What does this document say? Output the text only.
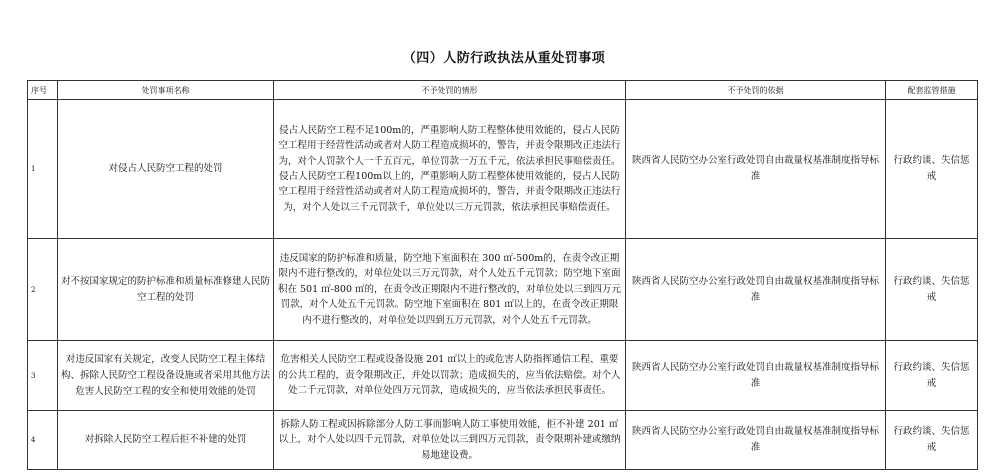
（四）人防行政执法从重处罚事项
序号	处罚事项名称	不予处罚的情形	不予处罚的依据	配套监管措施
1	对侵占人民防空工程的处罚	侵占人民防空工程不足100m的，严重影响人防工程整体使用效能的，侵占人民防空工程用于经营性活动或者对人防工程造成损坏的，警告，并责令限期改正违法行为，对个人罚款个人一千五百元，单位罚款一万五千元，依法承担民事赔偿责任。侵占人民防空工程100m以上的，严重影响人防工程整体使用效能的，侵占人民防空工程用于经营性活动或者对人防工程造成损坏的，警告，并责令限期改正违法行为，对个人处以三千元罚款千，单位处以三万元罚款，依法承担民事赔偿责任。	陕西省人民防空办公室行政处罚自由裁量权基准制度指导标准	行政约谈、失信惩戒
2	对不按国家规定的防护标准和质量标准修建人民防空工程的处罚	违反国家的防护标准和质量，防空地下室面积在 300 ㎡-500m的，在责令改正期限内不进行整改的，对单位处以三万元罚款，对个人处五千元罚款；防空地下室面积在 501 ㎡-800 ㎡的，在责令改正期限内不进行整改的，对单位处以三到四万元罚款，对个人处五千元罚款。防空地下室面积在 801 ㎡以上的，在责令改正期限内不进行整改的，对单位处以四到五万元罚款，对个人处五千元罚款。	陕西省人民防空办公室行政处罚自由裁量权基准制度指导标准	行政约谈、失信惩戒
3	对违反国家有关规定，改变人民防空工程主体结构、拆除人民防空工程设备设施或者采用其他方法危害人民防空工程的安全和使用效能的处罚	危害相关人民防空工程或设备设施 201 ㎡以上的或危害人防指挥通信工程、重要的公共工程的，责令限期改正，并处以罚款；造成损失的，应当依法赔偿。对个人处二千元罚款，对单位处四万元罚款，造成损失的，应当依法承担民事责任。	陕西省人民防空办公室行政处罚自由裁量权基准制度指导标准	行政约谈、失信惩戒
4	对拆除人民防空工程后拒不补建的处罚	拆除人防工程或因拆除部分人防工事而影响人防工事使用效能，拒不补建 201 ㎡以上，对个人处以四千元罚款，对单位处以三到四万元罚款，责令限期补建或缴纳易地建设费。	陕西省人民防空办公室行政处罚自由裁量权基准制度指导标准	行政约谈、失信惩戒
